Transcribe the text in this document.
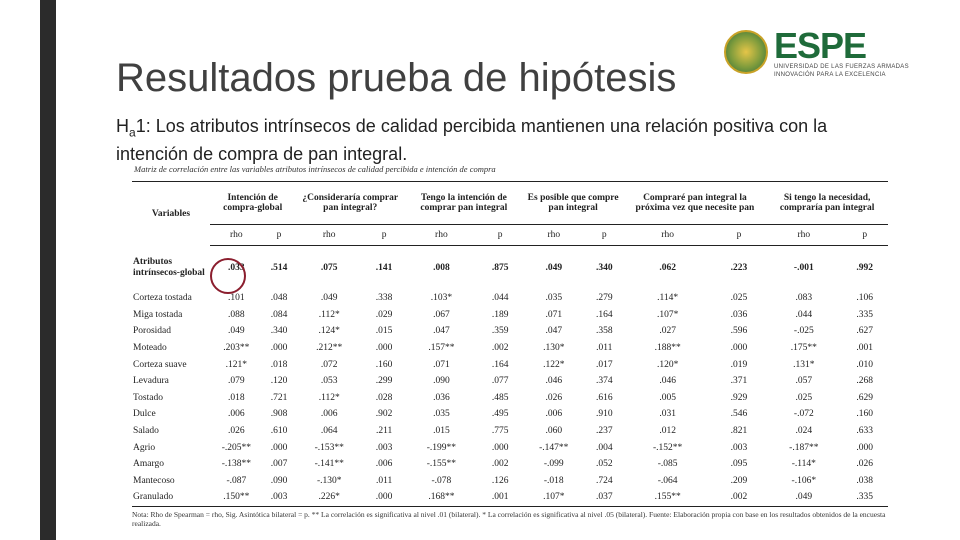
Resultados prueba de hipótesis
ESPE
UNIVERSIDAD DE LAS FUERZAS ARMADAS
INNOVACIÓN PARA LA EXCELENCIA
$H_a1$: Los atributos intrínsecos de calidad percibida mantienen una relación positiva con la intención de compra de pan integral.
Matriz de correlación entre las variables atributos intrínsecos de calidad percibida e intención de compra
Variables	Intención de compra-global		¿Consideraría comprar pan integral?		Tengo la intención de comprar pan integral		Es posible que compre pan integral		Compraré pan integral la próxima vez que necesite pan		Si tengo la necesidad, compraría pan integral	
	rho	p	rho	p	rho	p	rho	p	rho	p	rho	p
Atributos intrínsecos-global	.033	.514	.075	.141	.008	.875	.049	.340	.062	.223	-.001	.992
Corteza tostada	.101	.048	.049	.338	.103*	.044	.035	.279	.114*	.025	.083	.106
Miga tostada	.088	.084	.112*	.029	.067	.189	.071	.164	.107*	.036	.044	.335
Porosidad	.049	.340	.124*	.015	.047	.359	.047	.358	.027	.596	-.025	.627
Moteado	.203**	.000	.212**	.000	.157**	.002	.130*	.011	.188**	.000	.175**	.001
Corteza suave	.121*	.018	.072	.160	.071	.164	.122*	.017	.120*	.019	.131*	.010
Levadura	.079	.120	.053	.299	.090	.077	.046	.374	.046	.371	.057	.268
Tostado	.018	.721	.112*	.028	.036	.485	.026	.616	.005	.929	.025	.629
Dulce	.006	.908	.006	.902	.035	.495	.006	.910	.031	.546	-.072	.160
Salado	.026	.610	.064	.211	.015	.775	.060	.237	.012	.821	.024	.633
Agrio	-.205**	.000	-.153**	.003	-.199**	.000	-.147**	.004	-.152**	.003	-.187**	.000
Amargo	-.138**	.007	-.141**	.006	-.155**	.002	-.099	.052	-.085	.095	-.114*	.026
Mantecoso	-.087	.090	-.130*	.011	-.078	.126	-.018	.724	-.064	.209	-.106*	.038
Granulado	.150**	.003	.226*	.000	.168**	.001	.107*	.037	.155**	.002	.049	.335
Nota: Rho de Spearman = rho, Sig. Asintótica bilateral = p. ** La correlación es significativa al nivel .01 (bilateral). * La correlación es significativa al nivel .05 (bilateral). Fuente: Elaboración propia con base en los resultados obtenidos de la encuesta realizada.
